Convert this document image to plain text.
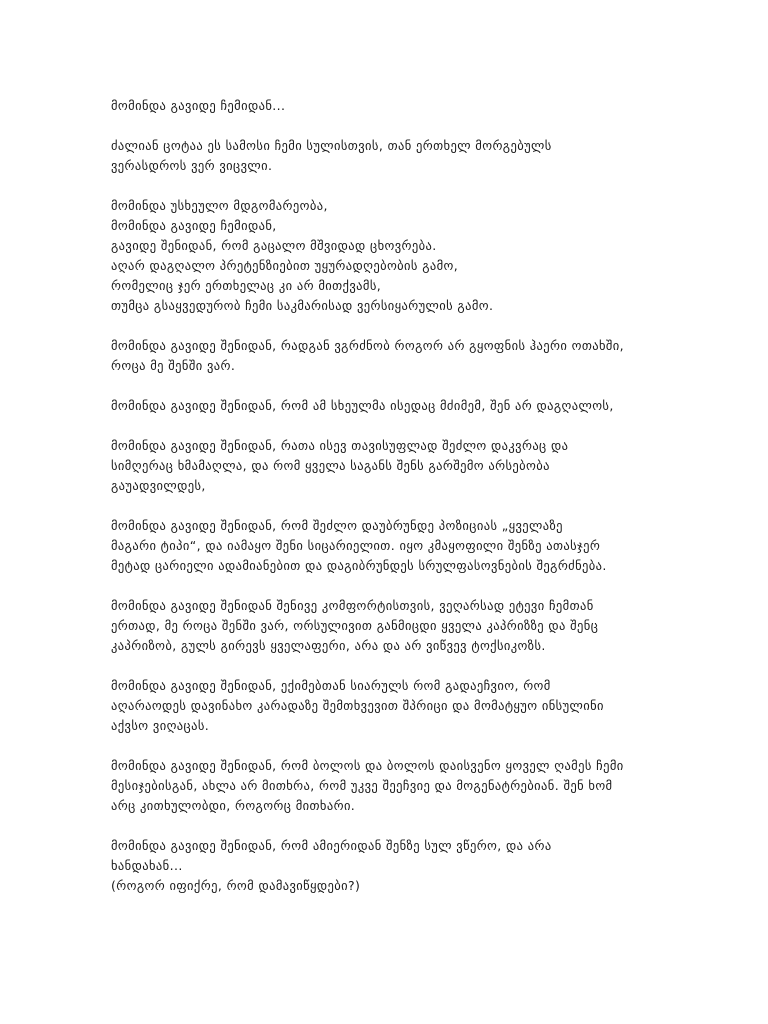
მომინდა გავიდე ჩემიდან...

ძალიან ცოტაა ეს სამოსი ჩემი სულისთვის, თან ერთხელ მორგებულს
ვერასდროს ვერ ვიცვლი.

მომინდა უსხეულო მდგომარეობა,
მომინდა გავიდე ჩემიდან,
გავიდე შენიდან, რომ გაცალო მშვიდად ცხოვრება.
აღარ დაგღალო პრეტენზიებით უყურადღებობის გამო,
რომელიც ჯერ ერთხელაც კი არ მითქვამს,
თუმცა გსაყვედურობ ჩემი საკმარისად ვერსიყარულის გამო.

მომინდა გავიდე შენიდან, რადგან ვგრძნობ როგორ არ გყოფნის ჰაერი ოთახში,
როცა მე შენში ვარ.

მომინდა გავიდე შენიდან, რომ ამ სხეულმა ისედაც მძიმემ, შენ არ დაგღალოს,

მომინდა გავიდე შენიდან, რათა ისევ თავისუფლად შეძლო დაკვრაც და
სიმღერაც ხმამაღლა, და რომ ყველა საგანს შენს გარშემო არსებობა
გაუადვილდეს,

მომინდა გავიდე შენიდან, რომ შეძლო დაუბრუნდე პოზიციას „ყველაზე
მაგარი ტიპი“, და იამაყო შენი სიცარიელით. იყო კმაყოფილი შენზე ათასჯერ
მეტად ცარიელი ადამიანებით და დაგიბრუნდეს სრულფასოვნების შეგრძნება.

მომინდა გავიდე შენიდან შენივე კომფორტისთვის, ვეღარსად ეტევი ჩემთან
ერთად, მე როცა შენში ვარ, ორსულივით განმიცდი ყველა კაპრიზზე და შენც
კაპრიზობ, გულს გირევს ყველაფერი, არა და არ ვიწვევ ტოქსიკოზს.

მომინდა გავიდე შენიდან, ექიმებთან სიარულს რომ გადაეჩვიო, რომ
აღარაოდეს დავინახო კარადაზე შემთხვევით შპრიცი და მომატყუო ინსულინი
აქვსო ვიღაცას.

მომინდა გავიდე შენიდან, რომ ბოლოს და ბოლოს დაისვენო ყოველ ღამეს ჩემი
მესიჯებისგან, ახლა არ მითხრა, რომ უკვე შეეჩვიე და მოგენატრებიან. შენ ხომ
არც კითხულობდი, როგორც მითხარი.

მომინდა გავიდე შენიდან, რომ ამიერიდან შენზე სულ ვწერო, და არა
ხანდახან...
(როგორ იფიქრე, რომ დამავიწყდები?)
